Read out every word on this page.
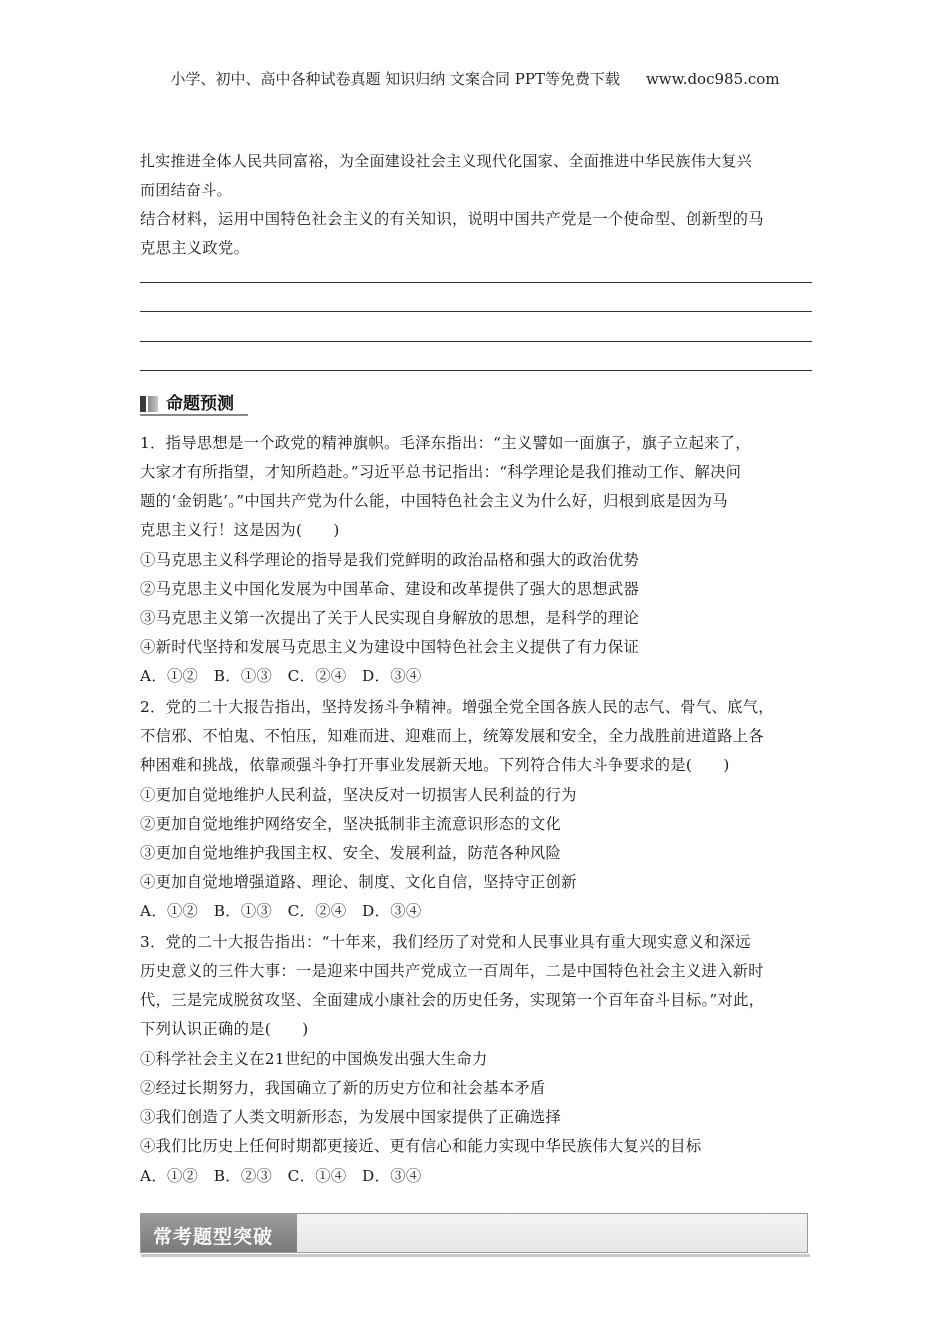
小学、初中、高中各种试卷真题 知识归纳 文案合同 PPT等免费下载 www.doc985.com
扎实推进全体人民共同富裕，为全面建设社会主义现代化国家、全面推进中华民族伟大复兴
而团结奋斗。
结合材料，运用中国特色社会主义的有关知识，说明中国共产党是一个使命型、创新型的马
克思主义政党。
命题预测
1．指导思想是一个政党的精神旗帜。毛泽东指出：“主义譬如一面旗子，旗子立起来了，
大家才有所指望，才知所趋赴。”习近平总书记指出：“科学理论是我们推动工作、解决问
题的‘金钥匙’。”中国共产党为什么能，中国特色社会主义为什么好，归根到底是因为马
克思主义行！这是因为(　　)
①马克思主义科学理论的指导是我们党鲜明的政治品格和强大的政治优势
②马克思主义中国化发展为中国革命、建设和改革提供了强大的思想武器
③马克思主义第一次提出了关于人民实现自身解放的思想，是科学的理论
④新时代坚持和发展马克思主义为建设中国特色社会主义提供了有力保证
A．①②　B．①③　C．②④　D．③④
2．党的二十大报告指出，坚持发扬斗争精神。增强全党全国各族人民的志气、骨气、底气，
不信邪、不怕鬼、不怕压，知难而进、迎难而上，统筹发展和安全，全力战胜前进道路上各
种困难和挑战，依靠顽强斗争打开事业发展新天地。下列符合伟大斗争要求的是(　　)
①更加自觉地维护人民利益，坚决反对一切损害人民利益的行为
②更加自觉地维护网络安全，坚决抵制非主流意识形态的文化
③更加自觉地维护我国主权、安全、发展利益，防范各种风险
④更加自觉地增强道路、理论、制度、文化自信，坚持守正创新
A．①②　B．①③　C．②④　D．③④
3．党的二十大报告指出：“十年来，我们经历了对党和人民事业具有重大现实意义和深远
历史意义的三件大事：一是迎来中国共产党成立一百周年，二是中国特色社会主义进入新时
代，三是完成脱贫攻坚、全面建成小康社会的历史任务，实现第一个百年奋斗目标。”对此，
下列认识正确的是(　　)
①科学社会主义在21世纪的中国焕发出强大生命力
②经过长期努力，我国确立了新的历史方位和社会基本矛盾
③我们创造了人类文明新形态，为发展中国家提供了正确选择
④我们比历史上任何时期都更接近、更有信心和能力实现中华民族伟大复兴的目标
A．①②　B．②③　C．①④　D．③④
常考题型突破
